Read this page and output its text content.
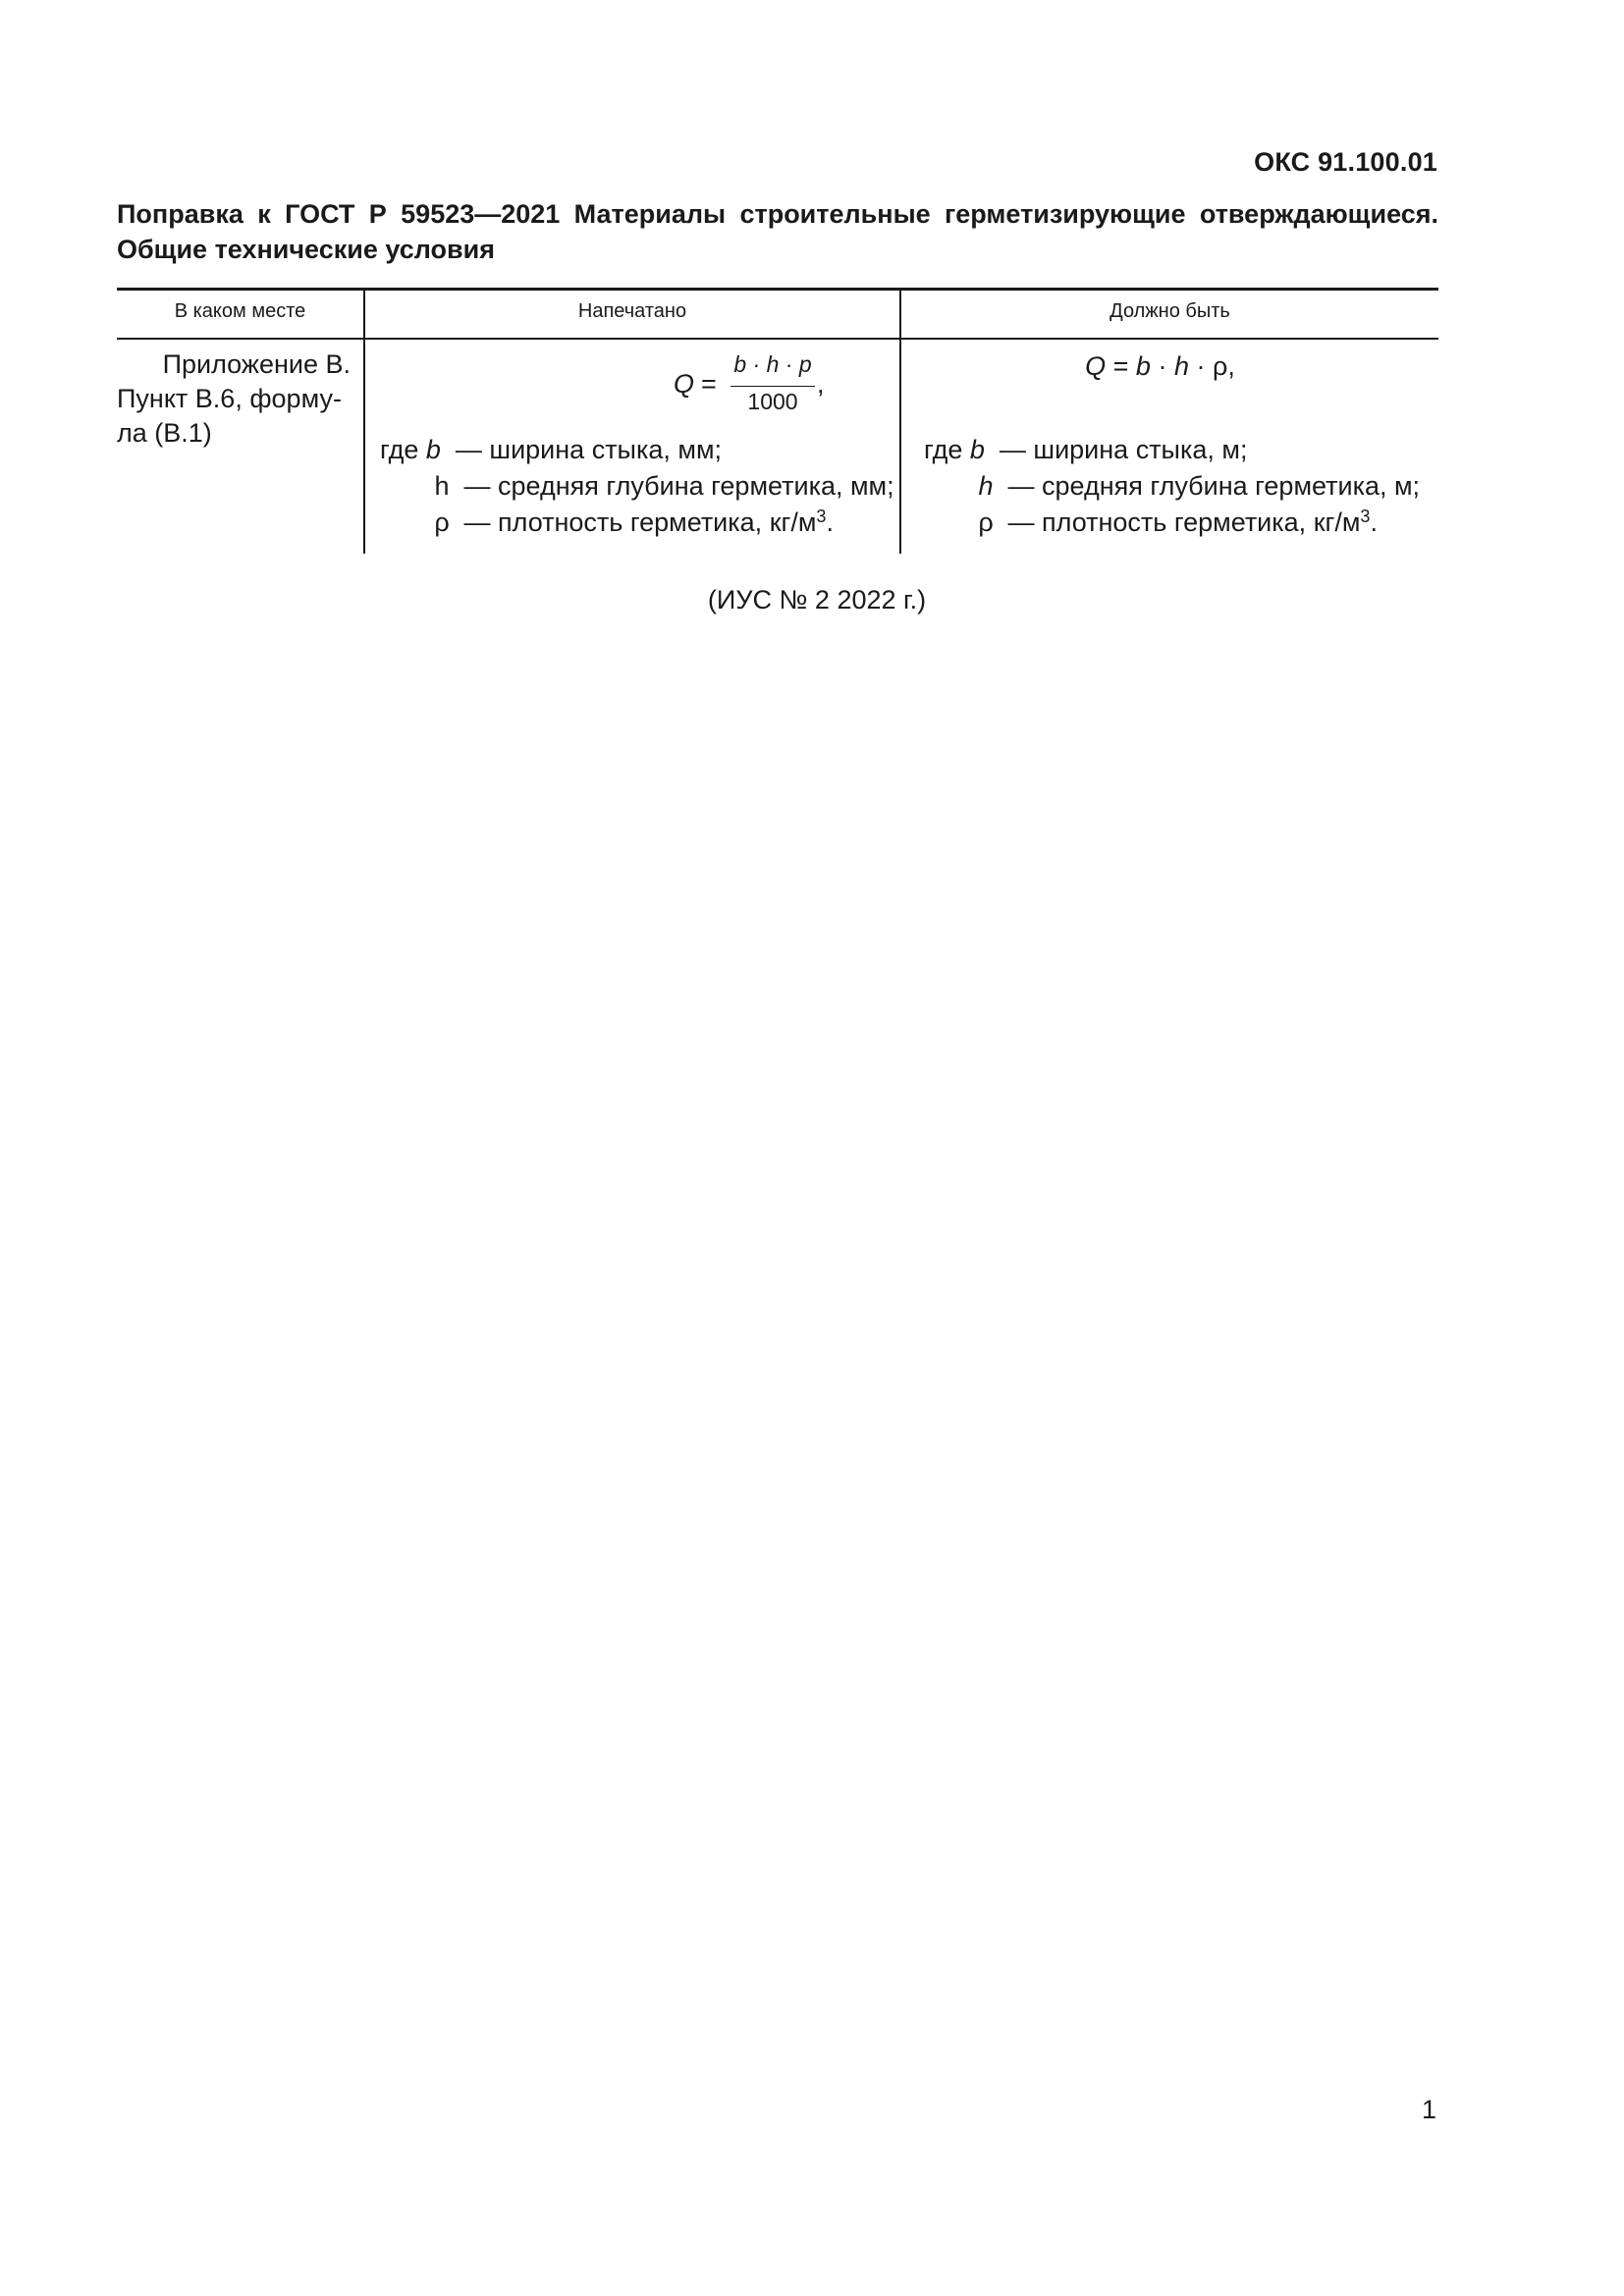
ОКС 91.100.01
Поправка к ГОСТ Р 59523—2021 Материалы строительные герметизирующие отверждающиеся.
Общие технические условия
В каком месте	Напечатано	Должно быть
Приложение В.
Пункт В.6, форму-
ла (В.1)
Q =
b · h · p
1000
,
Q = b · h · ρ,
где b — ширина стыка, мм;
h — средняя глубина герметика, мм;
ρ — плотность герметика, $кг/м^3$.
где b — ширина стыка, м;
h — средняя глубина герметика, м;
ρ — плотность герметика, $кг/м^3$.
(ИУС № 2 2022 г.)
1
